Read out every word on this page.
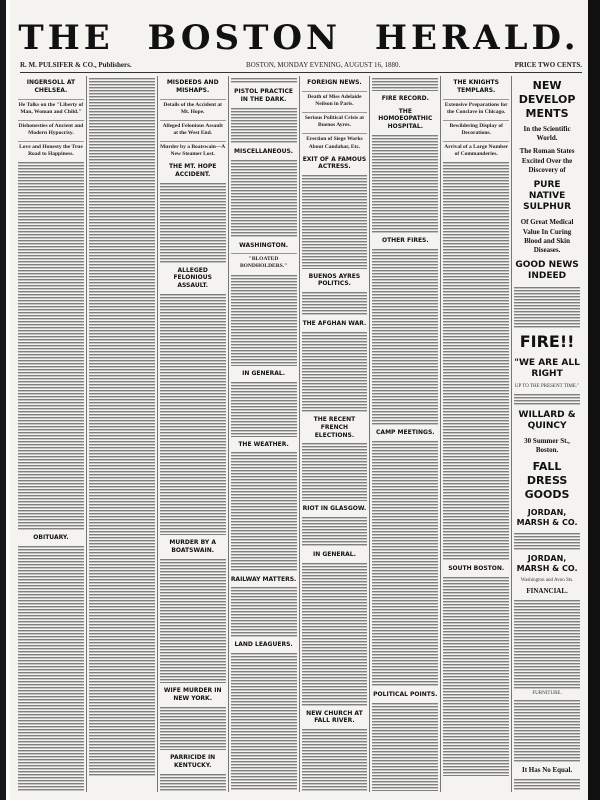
THE BOSTON HERALD.
R. M. PULSIFER & CO., Publishers.	BOSTON, MONDAY EVENING, AUGUST 16, 1880.	PRICE TWO CENTS.
INGERSOLL AT CHELSEA.
He Talks on the "Liberty of Man, Woman and Child."
Dishonesties of Ancient and Modern Hypocrisy.
Love and Honesty the True Road to Happiness.
OBITUARY.
MISDEEDS AND MISHAPS.
Details of the Accident at Mt. Hope.
Alleged Felonious Assault at the West End.
Murder by a Boatswain—A New Steamer Lost.
THE MT. HOPE ACCIDENT.
ALLEGED FELONIOUS ASSAULT.
MURDER BY A BOATSWAIN.
WIFE MURDER IN NEW YORK.
PARRICIDE IN KENTUCKY.
PISTOL PRACTICE IN THE DARK.
MISCELLANEOUS.
WASHINGTON.
"BLOATED BONDHOLDERS."
IN GENERAL.
THE WEATHER.
RAILWAY MATTERS.
LAND LEAGUERS.
FOREIGN NEWS.
Death of Miss Adelaide Neilson in Paris.
Serious Political Crisis at Buenos Ayres.
Erection of Siege Works About Candahar, Etc.
EXIT OF A FAMOUS ACTRESS.
BUENOS AYRES POLITICS.
THE AFGHAN WAR.
THE RECENT FRENCH ELECTIONS.
RIOT IN GLASGOW.
IN GENERAL.
NEW CHURCH AT FALL RIVER.
FIRE RECORD.
THE HOMOEOPATHIC HOSPITAL.
OTHER FIRES.
CAMP MEETINGS.
POLITICAL POINTS.
THE KNIGHTS TEMPLARS.
Extensive Preparations for the Conclave in Chicago.
Bewildering Display of Decorations.
Arrival of a Large Number of Commanderies.
SOUTH BOSTON.
NEW DEVELOPMENTS
In the Scientific World.
The Roman States Excited Over the Discovery of
PURE NATIVE SULPHUR
Of Great Medical Value In Curing Blood and Skin Diseases.
GOOD NEWS INDEED
FIRE!!
"WE ARE ALL RIGHT
UP TO THE PRESENT TIME."
WILLARD & QUINCY
30 Summer St., Boston.
FALL DRESS GOODS
JORDAN, MARSH & CO.
JORDAN, MARSH & CO.
Washington and Avon Sts.
FINANCIAL.
FURNITURE.
It Has No Equal.
